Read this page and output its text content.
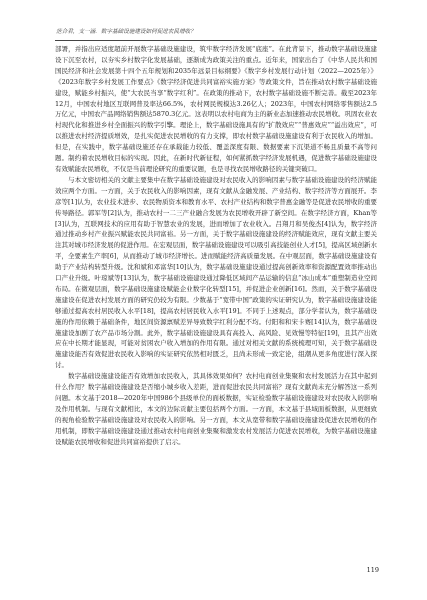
范合君，支一涵．数字基础设施建设如何促进农民增收？

部署，并指出应适度超前开展数字基础设施建设，筑牢数字经济发展“底座”。在此背景下，推动数字基础设施建设下沉至农村，以夯实乡村数字化发展基础，逐渐成为政策关注的重点。近年来，国家出台了《中华人民共和国国民经济和社会发展第十四个五年规划和2035年远景目标纲要》《数字乡村发展行动计划（2022—2025年）》《2023年数字乡村发展工作要点》《数字经济促进共同富裕实施方案》等政策文件，旨在推动农村数字基础设施建设，赋能乡村振兴，使“大农民当享“数字红利”。在政策的推动下，农村数字基础设施不断完善。截至2023年12月，中国农村地区互联网普及率达66.5%，农村网民规模达3.26亿人；2023年，中国农村网络零售额达2.5万亿元，中国农产品网络销售额达5870.3亿元。这表明以农村电商为主的新业态加速推动农民增收。巩固农业农村现代化和推进乡村全面振兴的数字引擎。理论上，数字基础设施具有的“扩散效应”“普惠效应”“溢出效应”，可以推进农村经济提质增效，是扎实促进农民增收的有力支撑，即农村数字基础设施建设有利于农民收入的增加。但是，在实践中，数字基础设施还存在承载能力较低、覆盖深度有限、数据要素下沉渠道不畅且质量不高等问题。制约着农民增收目标的实现。因此，在新时代新征程，如何紧抓数字经济发展机遇，促进数字基础设施建设有效赋能农民增收，不仅是当前理论研究的重要议题，也是寻找农民增收路径的关键突破口。

与本文密切相关的文献主要集中在数字基础设施建设对农民收入的影响因素与数字基础设施建设的经济赋能效应两个方面。一方面，关于农民收入的影响因素，现有文献从金融发展、产业结构、数字经济等方面展开。李彦等[1]认为，农业技术进步、农民物质资本和教育水平、农村产业结构和数字普惠金融等是促进农民增收的重要传导路径。郭军等[2]认为，推动农村一二三产业融合发展为农民增收开辟了新空间。在数字经济方面，Khan等[3]认为，互联网技术的应用有助于智慧农业的发展，进而增加了农业收入。吕翔月和吴俊杰[4]认为，数字经济通过推动乡村产业振兴赋能农民共同富裕。另一方面，关于数字基础设施建设的经济赋能效应，现有文献主要关注其对城市经济发展的促进作用。在宏观层面，数字基础设施建设可以吸引高技能创业人才[5]，提高区域创新水平，全要素生产率[6]，从而推动了城市经济增长。进而赋能经济高质量发展。在中观层面，数字基础设施建设有助于产业结构转型升级。沈和斌和邓富华[10]认为，数字基础设施建设通过提高创新效率和资源配置效率推动出口产业升级。叶琼斌等[13]认为，数字基础设施建设通过降低区域间产品运输的信息“冰山成本”重塑制造业空间布局。在微观层面，数字基础设施建设赋能企业数字化转型[15]，并促进企业创新[16]。然而，关于数字基础设施建设在促进农村发展方面的研究仍较为有限。少数基于“宽带中国”政策的实证研究认为，数字基础设施建设能够通过提高农村居民收入水平[18]，提高农村居民收入水平[19]。不同于上述观点，部分学者认为，数字基础设施的作用依赖于基础条件，地区间资源禀赋差异导致数字红利分配不均。付阳和和宋卡赛[14]认为，数字基础设施建设加剧了农产品市场分割。此外，数字基础设施建设具有高投入、高风险、见效慢等特征[19]，且其产出效应在中长期才能显现，可能对贫困农户收入增加的作用有限。通过对相关文献的系统梳理可知，关于数字基础设施建设能否有效促进农民收入影响的实证研究依然相对匮乏，且尚未形成一致定论，组潮从更多角度进行深入探讨。

数字基础设施建设能否有效增加农民收入，其具体效果如何？农村电商创业集聚和农村发展活力在其中起到什么作用？数字基础设施建设是否缩小城乡收入差距，进而促进农民共同富裕？现有文献尚未充分解答这一系列问题。本文基于2018—2020年中国986个县级单位的面板数据，实证检验数字基础设施建设对农民收入的影响及作用机制。与现有文献相比，本文的边际贡献主要包括两个方面。一方面，本文基于县域面板数据，从更细致的视角检验数字基础设施建设对农民收入的影响。另一方面，本文从宽带和数字基础设施建设促进农民增收的作用机制，即数字基础设施建设通过推动农村电商创业集聚和激发农村发展活力促进农民增收，为数字基础设施建设赋能农民增收和促进共同富裕提供了启示。

119
